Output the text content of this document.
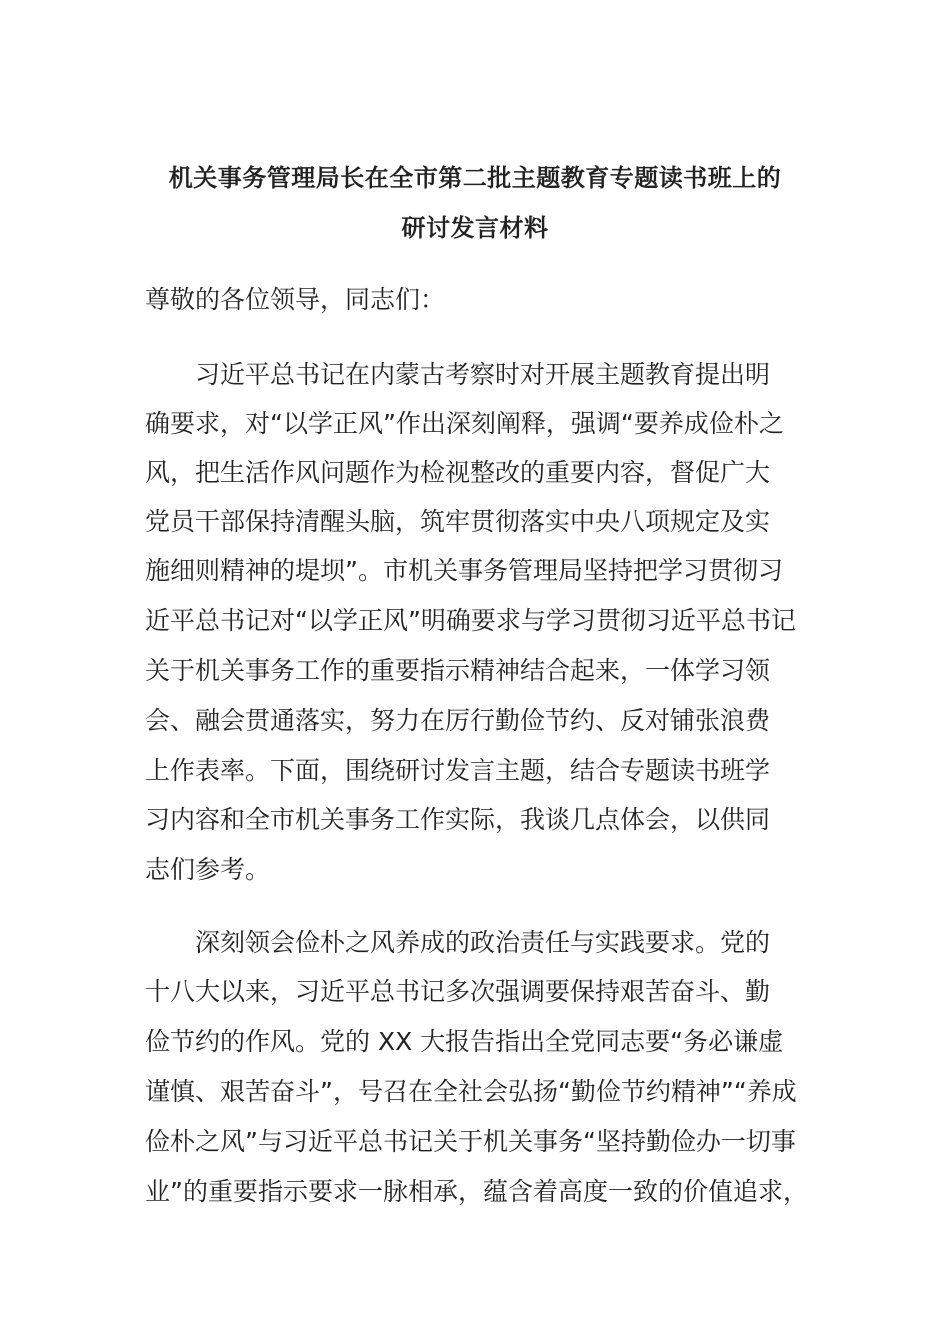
机关事务管理局长在全市第二批主题教育专题读书班上的
研讨发言材料
尊敬的各位领导，同志们：
习近平总书记在内蒙古考察时对开展主题教育提出明
确要求，对“以学正风”作出深刻阐释，强调“要养成俭朴之
风，把生活作风问题作为检视整改的重要内容，督促广大
党员干部保持清醒头脑，筑牢贯彻落实中央八项规定及实
施细则精神的堤坝”。市机关事务管理局坚持把学习贯彻习
近平总书记对“以学正风”明确要求与学习贯彻习近平总书记
关于机关事务工作的重要指示精神结合起来，一体学习领
会、融会贯通落实，努力在厉行勤俭节约、反对铺张浪费
上作表率。下面，围绕研讨发言主题，结合专题读书班学
习内容和全市机关事务工作实际，我谈几点体会，以供同
志们参考。
深刻领会俭朴之风养成的政治责任与实践要求。党的
十八大以来，习近平总书记多次强调要保持艰苦奋斗、勤
俭节约的作风。党的 XX 大报告指出全党同志要“务必谦虚
谨慎、艰苦奋斗”，号召在全社会弘扬“勤俭节约精神”“养成
俭朴之风”与习近平总书记关于机关事务“坚持勤俭办一切事
业”的重要指示要求一脉相承，蕴含着高度一致的价值追求，
